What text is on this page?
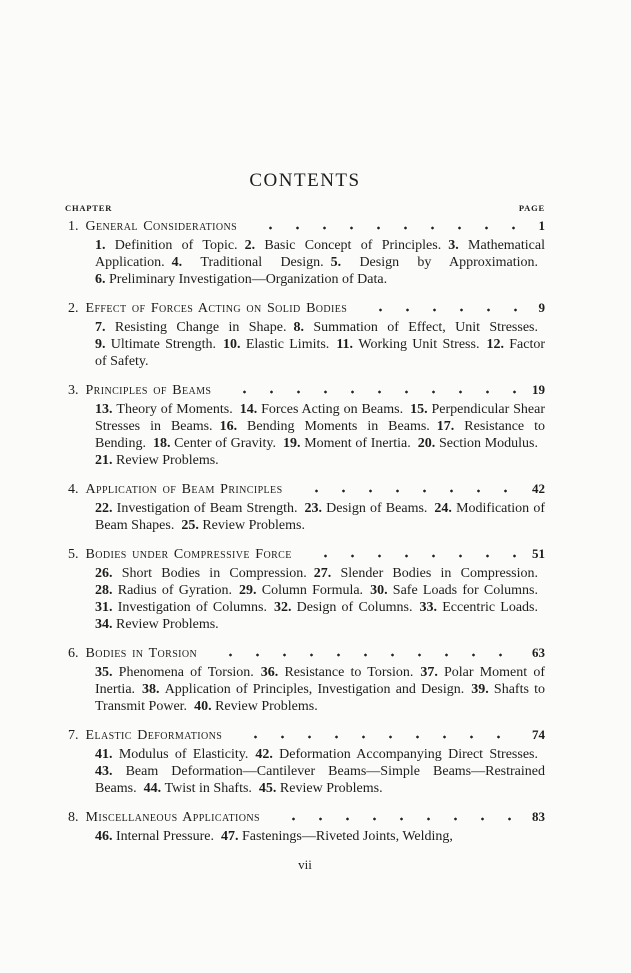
CONTENTS
CHAPTER	PAGE
1. General Considerations	1

1. Definition of Topic.  2. Basic Concept of Principles.  3. Mathematical Application.  4. Traditional Design.  5. Design by Approximation. 6. Preliminary Investigation—Organization of Data.

2. Effect of Forces Acting on Solid Bodies	9

7. Resisting Change in Shape.  8. Summation of Effect, Unit Stresses. 9. Ultimate Strength.  10. Elastic Limits.  11. Working Unit Stress.  12. Factor of Safety.

3. Principles of Beams	19

13. Theory of Moments.  14. Forces Acting on Beams.  15. Perpendicular Shear Stresses in Beams.  16. Bending Moments in Beams.  17. Resistance to Bending.  18. Center of Gravity.  19. Moment of Inertia.  20. Section Modulus. 21. Review Problems.

4. Application of Beam Principles	42

22. Investigation of Beam Strength.  23. Design of Beams.  24. Modification of Beam Shapes.  25. Review Problems.

5. Bodies under Compressive Force	51

26. Short Bodies in Compression.  27. Slender Bodies in Compression. 28. Radius of Gyration.  29. Column Formula.  30. Safe Loads for Columns. 31. Investigation of Columns.  32. Design of Columns.  33. Eccentric Loads. 34. Review Problems.

6. Bodies in Torsion	63

35. Phenomena of Torsion.  36. Resistance to Torsion.  37. Polar Moment of Inertia.  38. Application of Principles, Investigation and Design.  39. Shafts to Transmit Power.  40. Review Problems.

7. Elastic Deformations	74

41. Modulus of Elasticity.  42. Deformation Accompanying Direct Stresses. 43. Beam Deformation—Cantilever Beams—Simple Beams—Restrained Beams.  44. Twist in Shafts.  45. Review Problems.

8. Miscellaneous Applications	83

46. Internal Pressure.  47. Fastenings—Riveted Joints, Welding,

vii
